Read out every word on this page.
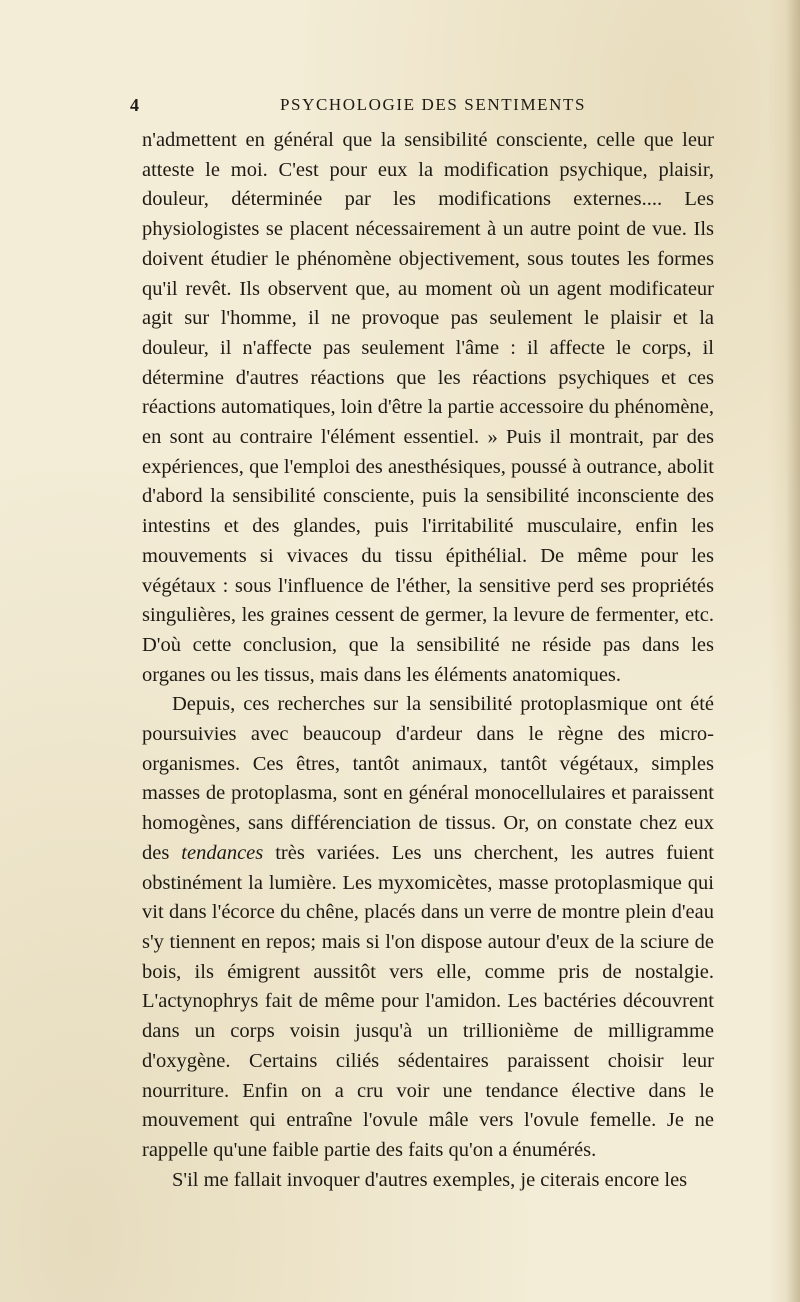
4	PSYCHOLOGIE DES SENTIMENTS

n'admettent en général que la sensibilité consciente, celle que leur atteste le moi. C'est pour eux la modification psychique, plaisir, douleur, déterminée par les modifications externes.... Les physiologistes se placent nécessairement à un autre point de vue. Ils doivent étudier le phénomène objectivement, sous toutes les formes qu'il revêt. Ils observent que, au moment où un agent modificateur agit sur l'homme, il ne provoque pas seulement le plaisir et la douleur, il n'affecte pas seulement l'âme : il affecte le corps, il détermine d'autres réactions que les réactions psychiques et ces réactions automatiques, loin d'être la partie accessoire du phénomène, en sont au contraire l'élément essentiel. » Puis il montrait, par des expériences, que l'emploi des anesthésiques, poussé à outrance, abolit d'abord la sensibilité consciente, puis la sensibilité inconsciente des intestins et des glandes, puis l'irritabilité musculaire, enfin les mouvements si vivaces du tissu épithélial. De même pour les végétaux : sous l'influence de l'éther, la sensitive perd ses propriétés singulières, les graines cessent de germer, la levure de fermenter, etc. D'où cette conclusion, que la sensibilité ne réside pas dans les organes ou les tissus, mais dans les éléments anatomiques.

Depuis, ces recherches sur la sensibilité protoplasmique ont été poursuivies avec beaucoup d'ardeur dans le règne des micro-organismes. Ces êtres, tantôt animaux, tantôt végétaux, simples masses de protoplasma, sont en général monocellulaires et paraissent homogènes, sans différenciation de tissus. Or, on constate chez eux des tendances très variées. Les uns cherchent, les autres fuient obstinément la lumière. Les myxomicètes, masse protoplasmique qui vit dans l'écorce du chêne, placés dans un verre de montre plein d'eau s'y tiennent en repos; mais si l'on dispose autour d'eux de la sciure de bois, ils émigrent aussitôt vers elle, comme pris de nostalgie. L'actynophrys fait de même pour l'amidon. Les bactéries découvrent dans un corps voisin jusqu'à un trillionième de milligramme d'oxygène. Certains ciliés sédentaires paraissent choisir leur nourriture. Enfin on a cru voir une tendance élective dans le mouvement qui entraîne l'ovule mâle vers l'ovule femelle. Je ne rappelle qu'une faible partie des faits qu'on a énumérés.

S'il me fallait invoquer d'autres exemples, je citerais encore les
